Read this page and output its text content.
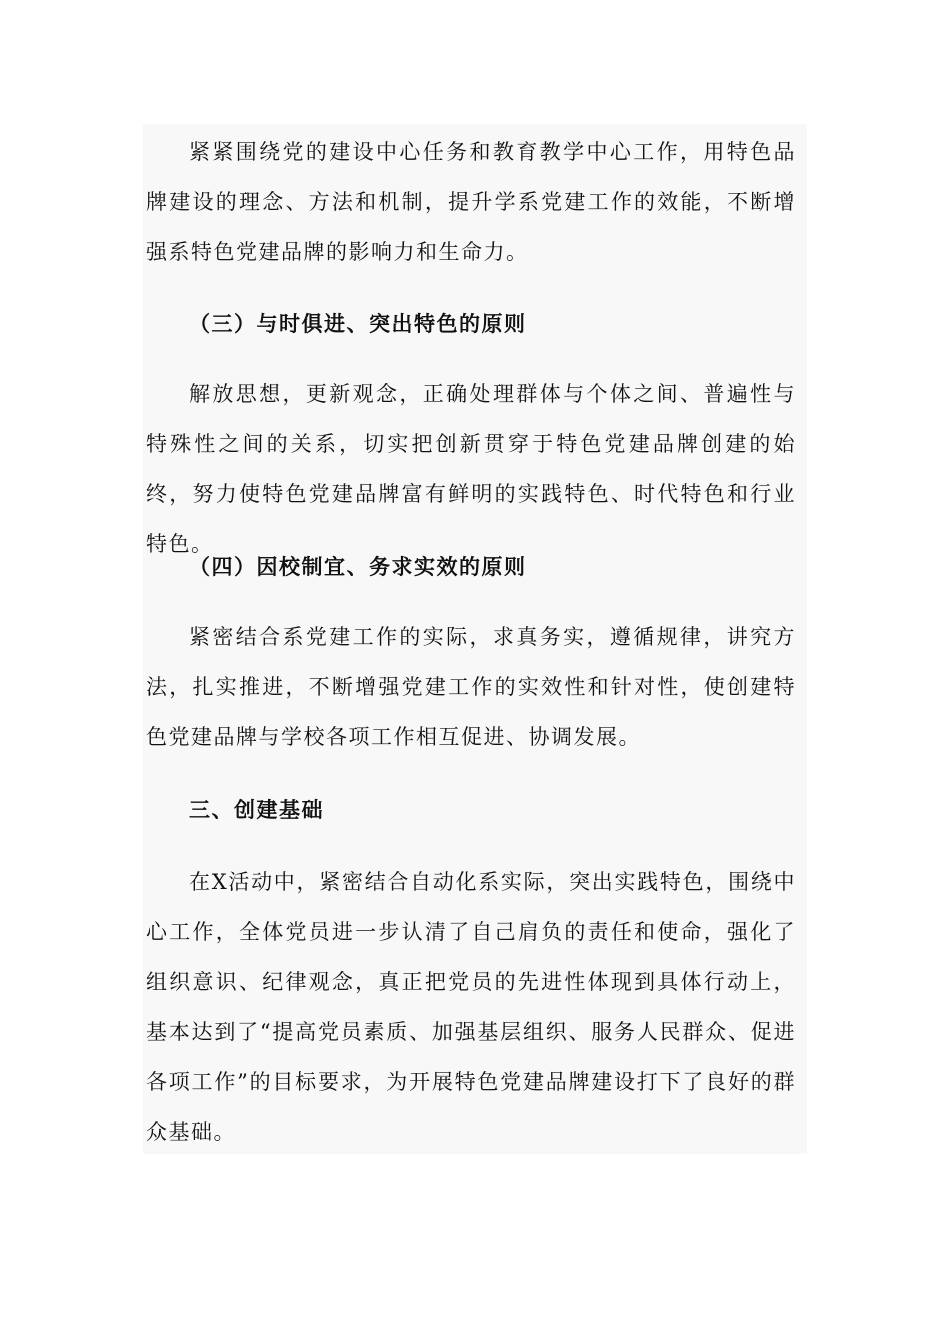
紧紧围绕党的建设中心任务和教育教学中心工作，用特色品牌建设的理念、方法和机制，提升学系党建工作的效能，不断增强系特色党建品牌的影响力和生命力。

（三）与时俱进、突出特色的原则

解放思想，更新观念，正确处理群体与个体之间、普遍性与特殊性之间的关系，切实把创新贯穿于特色党建品牌创建的始终，努力使特色党建品牌富有鲜明的实践特色、时代特色和行业特色。

（四）因校制宜、务求实效的原则

紧密结合系党建工作的实际，求真务实，遵循规律，讲究方法，扎实推进，不断增强党建工作的实效性和针对性，使创建特色党建品牌与学校各项工作相互促进、协调发展。

三、创建基础

在X活动中，紧密结合自动化系实际，突出实践特色，围绕中心工作，全体党员进一步认清了自己肩负的责任和使命，强化了组织意识、纪律观念，真正把党员的先进性体现到具体行动上，基本达到了“提高党员素质、加强基层组织、服务人民群众、促进各项工作”的目标要求，为开展特色党建品牌建设打下了良好的群众基础。
